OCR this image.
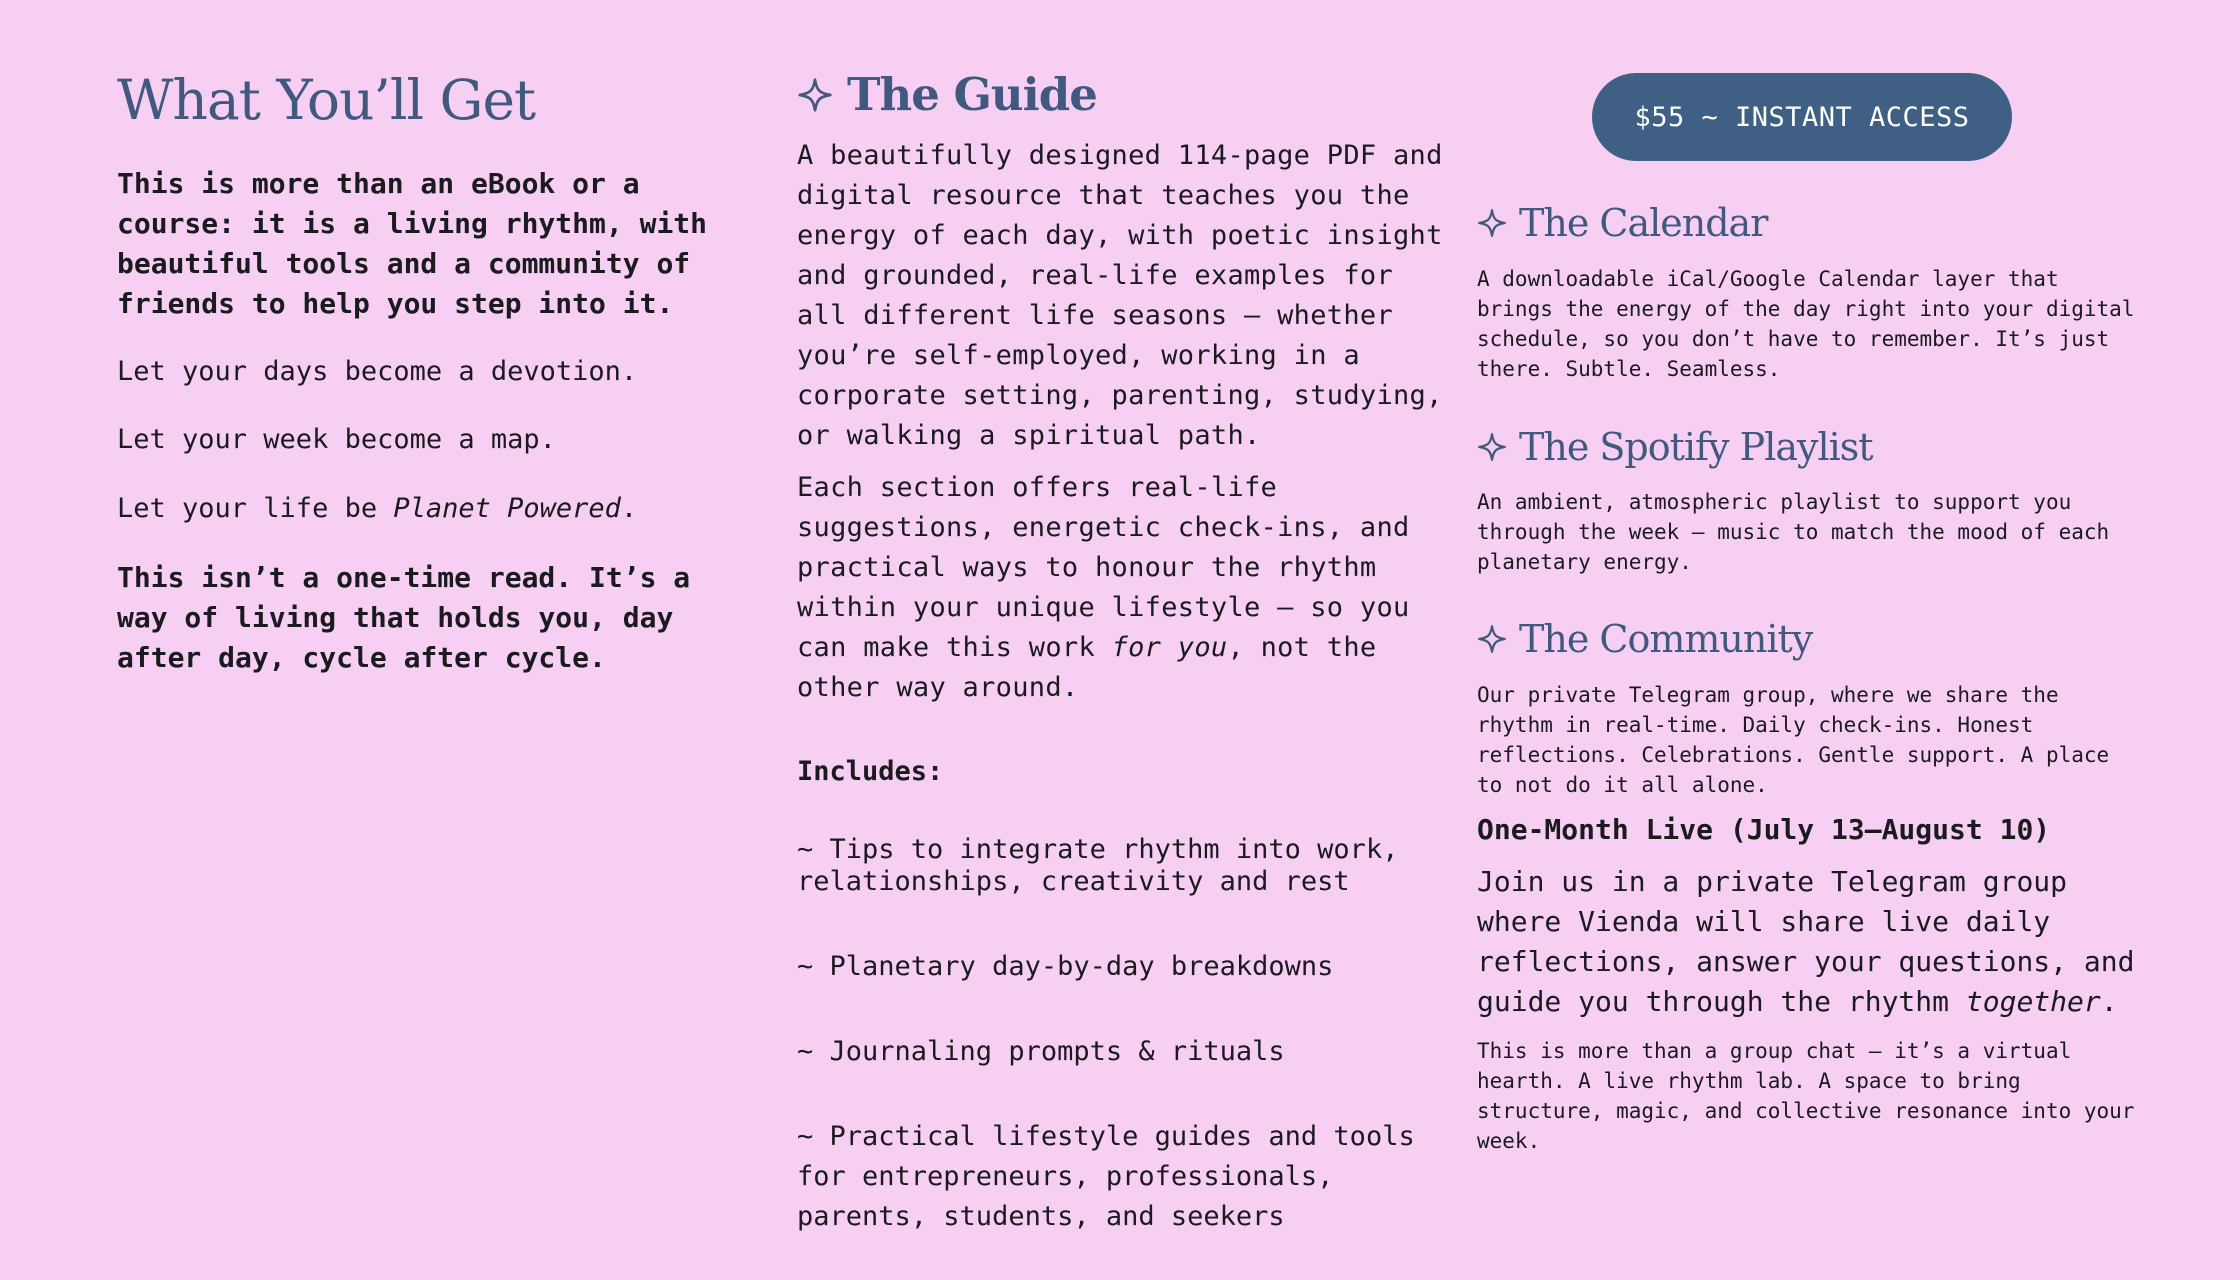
What You’ll Get

This is more than an eBook or a course: it is a living rhythm, with beautiful tools and a community of friends to help you step into it.

Let your days become a devotion.

Let your week become a map.

Let your life be Planet Powered.

This isn’t a one-time read. It’s a way of living that holds you, day after day, cycle after cycle.

The Guide

A beautifully designed 114-page PDF and digital resource that teaches you the energy of each day, with poetic insight and grounded, real-life examples for all different life seasons — whether you’re self-employed, working in a corporate setting, parenting, studying, or walking a spiritual path.

Each section offers real-life suggestions, energetic check-ins, and practical ways to honour the rhythm within your unique lifestyle — so you can make this work for you, not the other way around.

Includes:

~ Tips to integrate rhythm into work, relationships, creativity and rest

~ Planetary day-by-day breakdowns

~ Journaling prompts & rituals

~ Practical lifestyle guides and tools for entrepreneurs, professionals, parents, students, and seekers

$55 ~ INSTANT ACCESS
The Calendar

A downloadable iCal/Google Calendar layer that brings the energy of the day right into your digital schedule, so you don’t have to remember. It’s just there. Subtle. Seamless.

The Spotify Playlist

An ambient, atmospheric playlist to support you through the week — music to match the mood of each planetary energy.

The Community

Our private Telegram group, where we share the rhythm in real-time. Daily check-ins. Honest reflections. Celebrations. Gentle support. A place to not do it all alone.

One-Month Live (July 13–August 10)

Join us in a private Telegram group where Vienda will share live daily reflections, answer your questions, and guide you through the rhythm together.

This is more than a group chat — it’s a virtual hearth. A live rhythm lab. A space to bring structure, magic, and collective resonance into your week.
